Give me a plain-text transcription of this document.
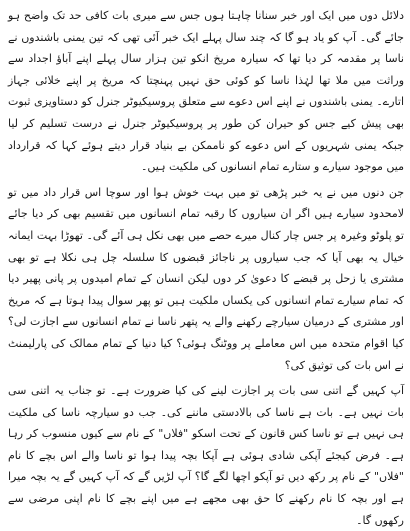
دلائل دوں میں ایک اور خبر سنانا چاہتا ہوں جس سے میری بات کافی حد تک واضح ہو جائے گی۔ آپ کو یاد ہو گا کہ چند سال پہلے ایک خبر آئی تھی کہ تین یمنی باشندوں نے ناسا پر مقدمہ کر دیا تھا کہ سیارہ مریخ انکو تین ہزار سال پہلے اپنے آباؤ اجداد سے وراثت میں ملا تھا لہٰذا ناسا کو کوئی حق نہیں پہنچتا کہ مریخ پر اپنے خلائی جہاز اتارے۔ یمنی باشندوں نے اپنے اس دعوے سے متعلق پروسیکیوٹر جنرل کو دستاویزی ثبوت بھی پیش کیے جس کو حیران کن طور پر پروسیکیوٹر جنرل نے درست تسلیم کر لیا جبکہ یمنی شہریوں کے اس دعوے کو ناممکن بے بنیاد قرار دیتے ہوئے کہا کہ قرارداد میں موجود سیارے و ستارے تمام انسانوں کی ملکیت ہیں۔

جن دنوں میں نے یہ خبر پڑھی تو میں بہت خوش ہوا اور سوچا اس قرار داد میں تو لامحدود سیارے ہیں اگر ان سیاروں کا رقبہ تمام انسانوں میں تقسیم بھی کر دیا جائے تو پلوٹو وغیرہ پر جس چار کنال میرے حصے میں بھی نکل ہی آئے گی۔ تھوڑا بہت ایمانہ خیال یہ بھی آیا کہ جب سیاروں پر ناجائز قبضوں کا سلسلہ چل ہی نکلا ہے تو بھی مشتری یا زحل پر قبضے کا دعویٰ کر دوں لیکن انسان کے تمام امیدوں پر پانی پھیر دیا کہ تمام سیارے تمام انسانوں کی یکساں ملکیت ہیں تو پھر سوال پیدا ہوتا ہے کہ مریخ اور مشتری کے درمیان سیارچے رکھنے والے یہ پتھر ناسا نے تمام انسانوں سے اجازت لی؟ کیا اقوام متحدہ میں اس معاملے پر ووٹنگ ہوئی؟ کیا دنیا کے تمام ممالک کی پارلیمنٹ نے اس بات کی توثیق کی؟

آپ کہیں گے اتنی سی بات پر اجازت لینے کی کیا ضرورت ہے۔ تو جناب یہ اتنی سی بات نہیں ہے۔ بات ہے ناسا کی بالادستی ماننے کی۔ جب دو سیارچہ ناسا کی ملکیت ہی نہیں ہے تو ناسا کس قانون کے تحت اسکو "فلاں" کے نام سے کیوں منسوب کر رہا ہے۔ فرض کیجئے آپکی شادی ہوئی ہے آپکا بچہ پیدا ہوا تو ناسا والے اس بچے کا نام "فلاں" کے نام پر رکھ دیں تو آپکو اچھا لگے گا؟ آپ لڑیں گے کہ آپ کہیں گے یہ بچہ میرا ہے اور بچہ کا نام رکھنے کا حق بھی مجھے ہے میں اپنے بچے کا نام اپنی مرضی سے رکھوں گا۔
